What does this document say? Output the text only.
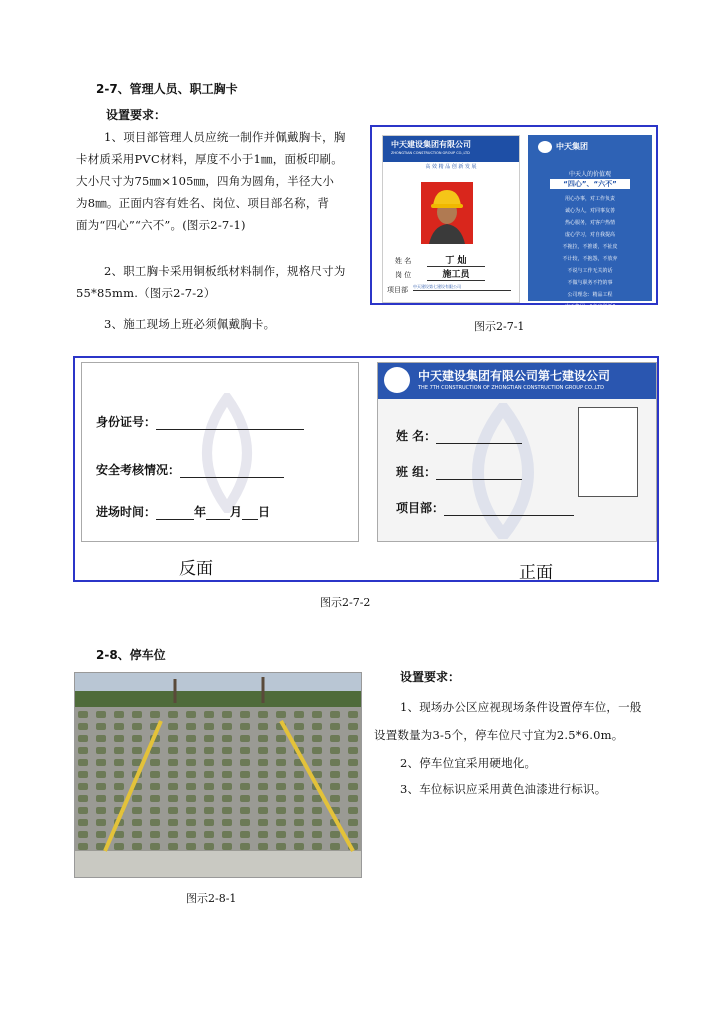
2-7、管理人员、职工胸卡
设置要求：
1、项目部管理人员应统一制作并佩戴胸卡，胸
卡材质采用PVC材料，厚度不小于1㎜，面板印刷。
大小尺寸为75㎜×105㎜，四角为圆角，半径大小
为8㎜。正面内容有姓名、岗位、项目部名称，背
面为“四心”“六不”。(图示2-7-1)
2、职工胸卡采用铜板纸材料制作，规格尺寸为
55*85mm.（图示2-7-2）
3、施工现场上班必须佩戴胸卡。
中天建设集团有限公司
ZHONGTIAN CONSTRUCTION GROUP CO.,LTD
高 效 精 品 创 新 发 展
姓 名	丁 灿
岗 位	施工员
项目部 中天建设第七建设有限公司
中天集团
中天人的价值观
“四心”、“六不”
用心办事，对工作负责
诚心为人，对同事友善
热心服务，对客户热情
虚心学习，对自我提高
不拖拉，不推诿，不扯皮
不计较，不抱怨，不放弃
不说与工作无关的话
不做与职务不符的事
公司理念：精品工程
中天集团：“务实创新”
图示2-7-1
身份证号：
安全考核情况：
进场时间：	年 月 日
中天建设集团有限公司第七建设公司
THE 7TH CONSTRUCTION OF ZHONGTIAN CONSTRUCTION GROUP CO.,LTD
姓 名：
班 组：
项目部：
反面	正面
图示2-7-2
2-8、停车位
图示2-8-1
设置要求：
1、现场办公区应视现场条件设置停车位，一般
设置数量为3-5个，停车位尺寸宜为2.5*6.0m。
2、停车位宜采用硬地化。
3、车位标识应采用黄色油漆进行标识。
